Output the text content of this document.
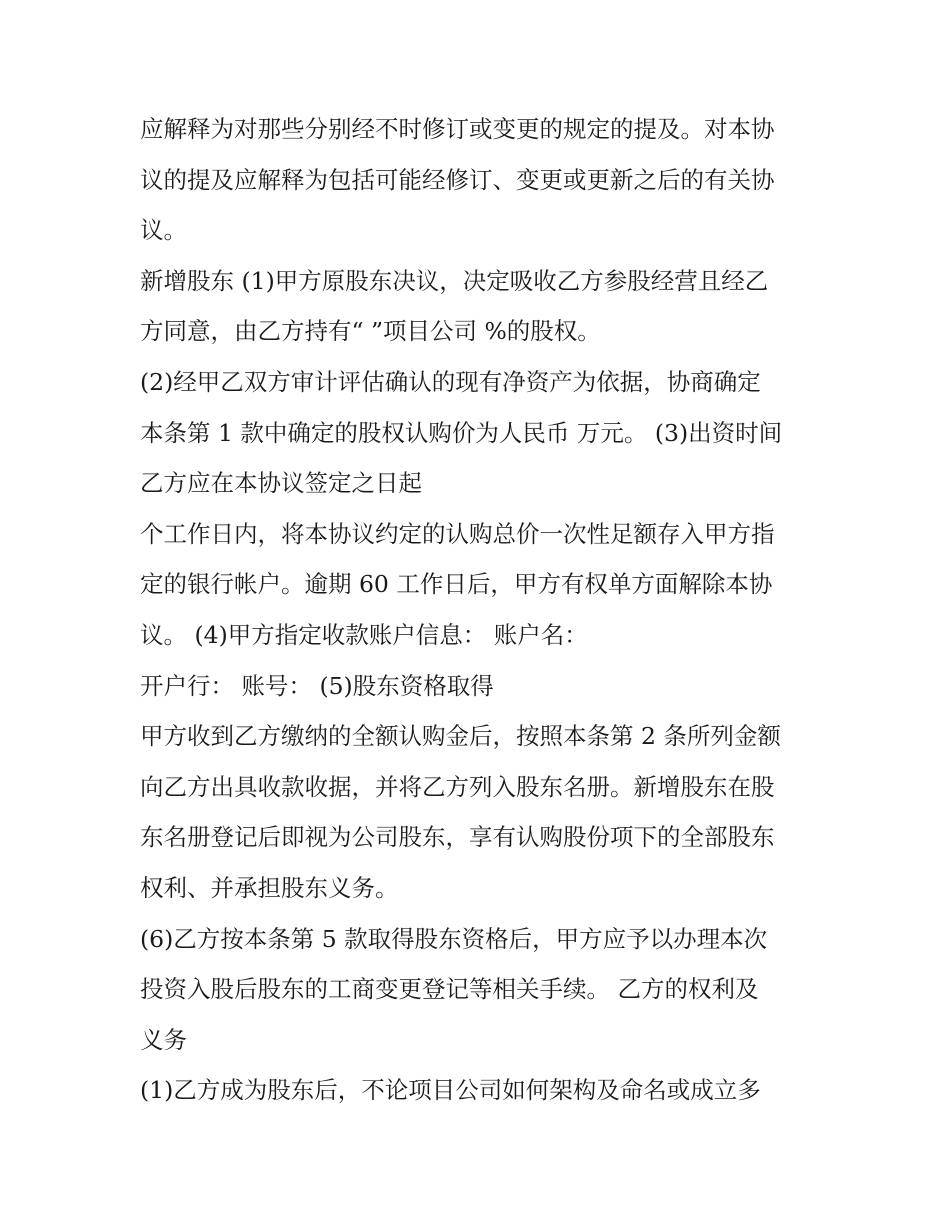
应解释为对那些分别经不时修订或变更的规定的提及。对本协
议的提及应解释为包括可能经修订、变更或更新之后的有关协
议。
新增股东 (1)甲方原股东决议，决定吸收乙方参股经营且经乙
方同意，由乙方持有“ ”项目公司 %的股权。
(2)经甲乙双方审计评估确认的现有净资产为依据，协商确定
本条第 1 款中确定的股权认购价为人民币 万元。 (3)出资时间
乙方应在本协议签定之日起
个工作日内，将本协议约定的认购总价一次性足额存入甲方指
定的银行帐户。逾期 60 工作日后，甲方有权单方面解除本协
议。 (4)甲方指定收款账户信息： 账户名：
开户行： 账号： (5)股东资格取得
甲方收到乙方缴纳的全额认购金后，按照本条第 2 条所列金额
向乙方出具收款收据，并将乙方列入股东名册。新增股东在股
东名册登记后即视为公司股东，享有认购股份项下的全部股东
权利、并承担股东义务。
(6)乙方按本条第 5 款取得股东资格后，甲方应予以办理本次
投资入股后股东的工商变更登记等相关手续。 乙方的权利及
义务
(1)乙方成为股东后，不论项目公司如何架构及命名或成立多
